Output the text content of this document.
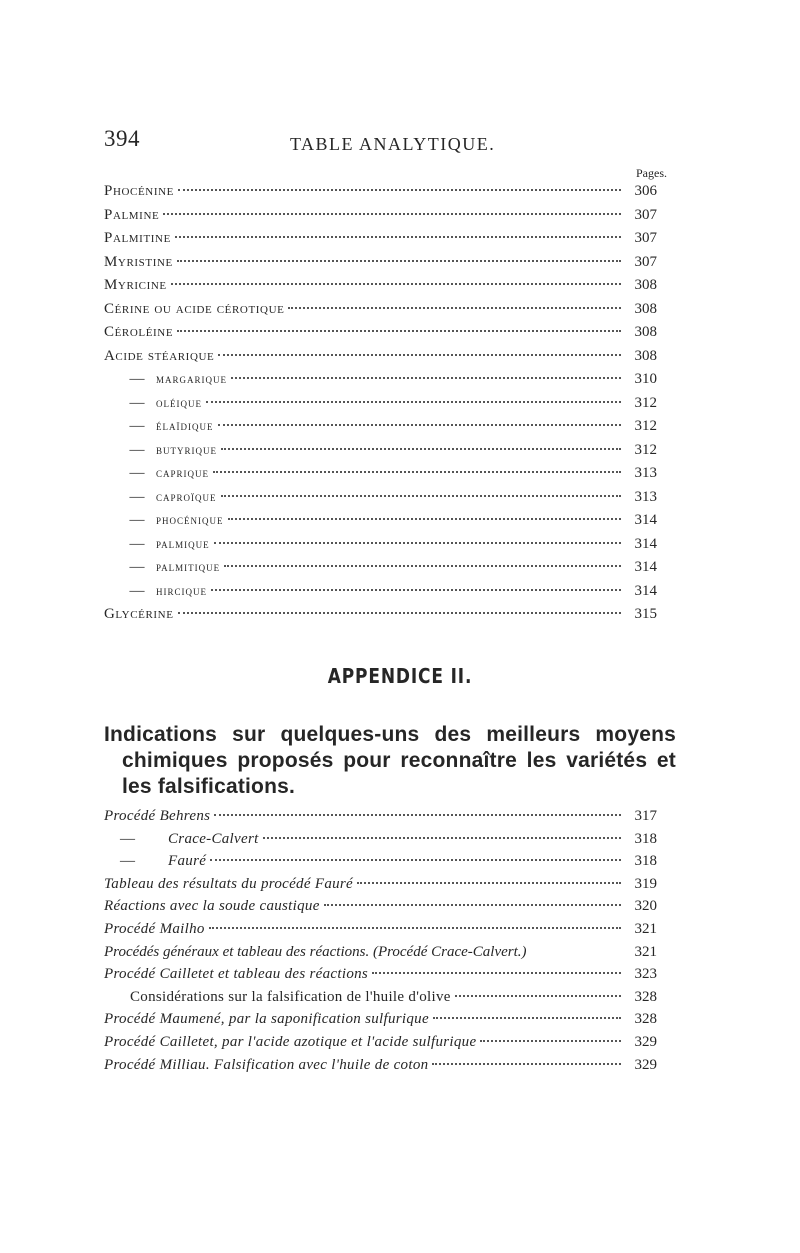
394	TABLE ANALYTIQUE.
Pages.
Phocénine	306
Palmine	307
Palmitine	307
Myristine	307
Myricine	308
Cérine ou acide cérotique	308
Céroléine	308
Acide stéarique	308
— margarique	310
— oléique	312
— élaïdique	312
— butyrique	312
— caprique	313
— caproïque	313
— phocénique	314
— palmique	314
— palmitique	314
— hircique	314
Glycérine	315
APPENDICE II.
Indications sur quelques-uns des meilleurs moyens
chimiques proposés pour reconnaître les variétés et
les falsifications.
Procédé Behrens	317
—	Crace-Calvert	318
—	Fauré	318
Tableau des résultats du procédé Fauré	319
Réactions avec la soude caustique	320
Procédé Mailho	321
Procédés généraux et tableau des réactions. (Procédé Crace-Calvert.)	321
Procédé Cailletet et tableau des réactions	323
Considérations sur la falsification de l'huile d'olive	328
Procédé Maumené, par la saponification sulfurique	328
Procédé Cailletet, par l'acide azotique et l'acide sulfurique	329
Procédé Milliau. Falsification avec l'huile de coton	329
